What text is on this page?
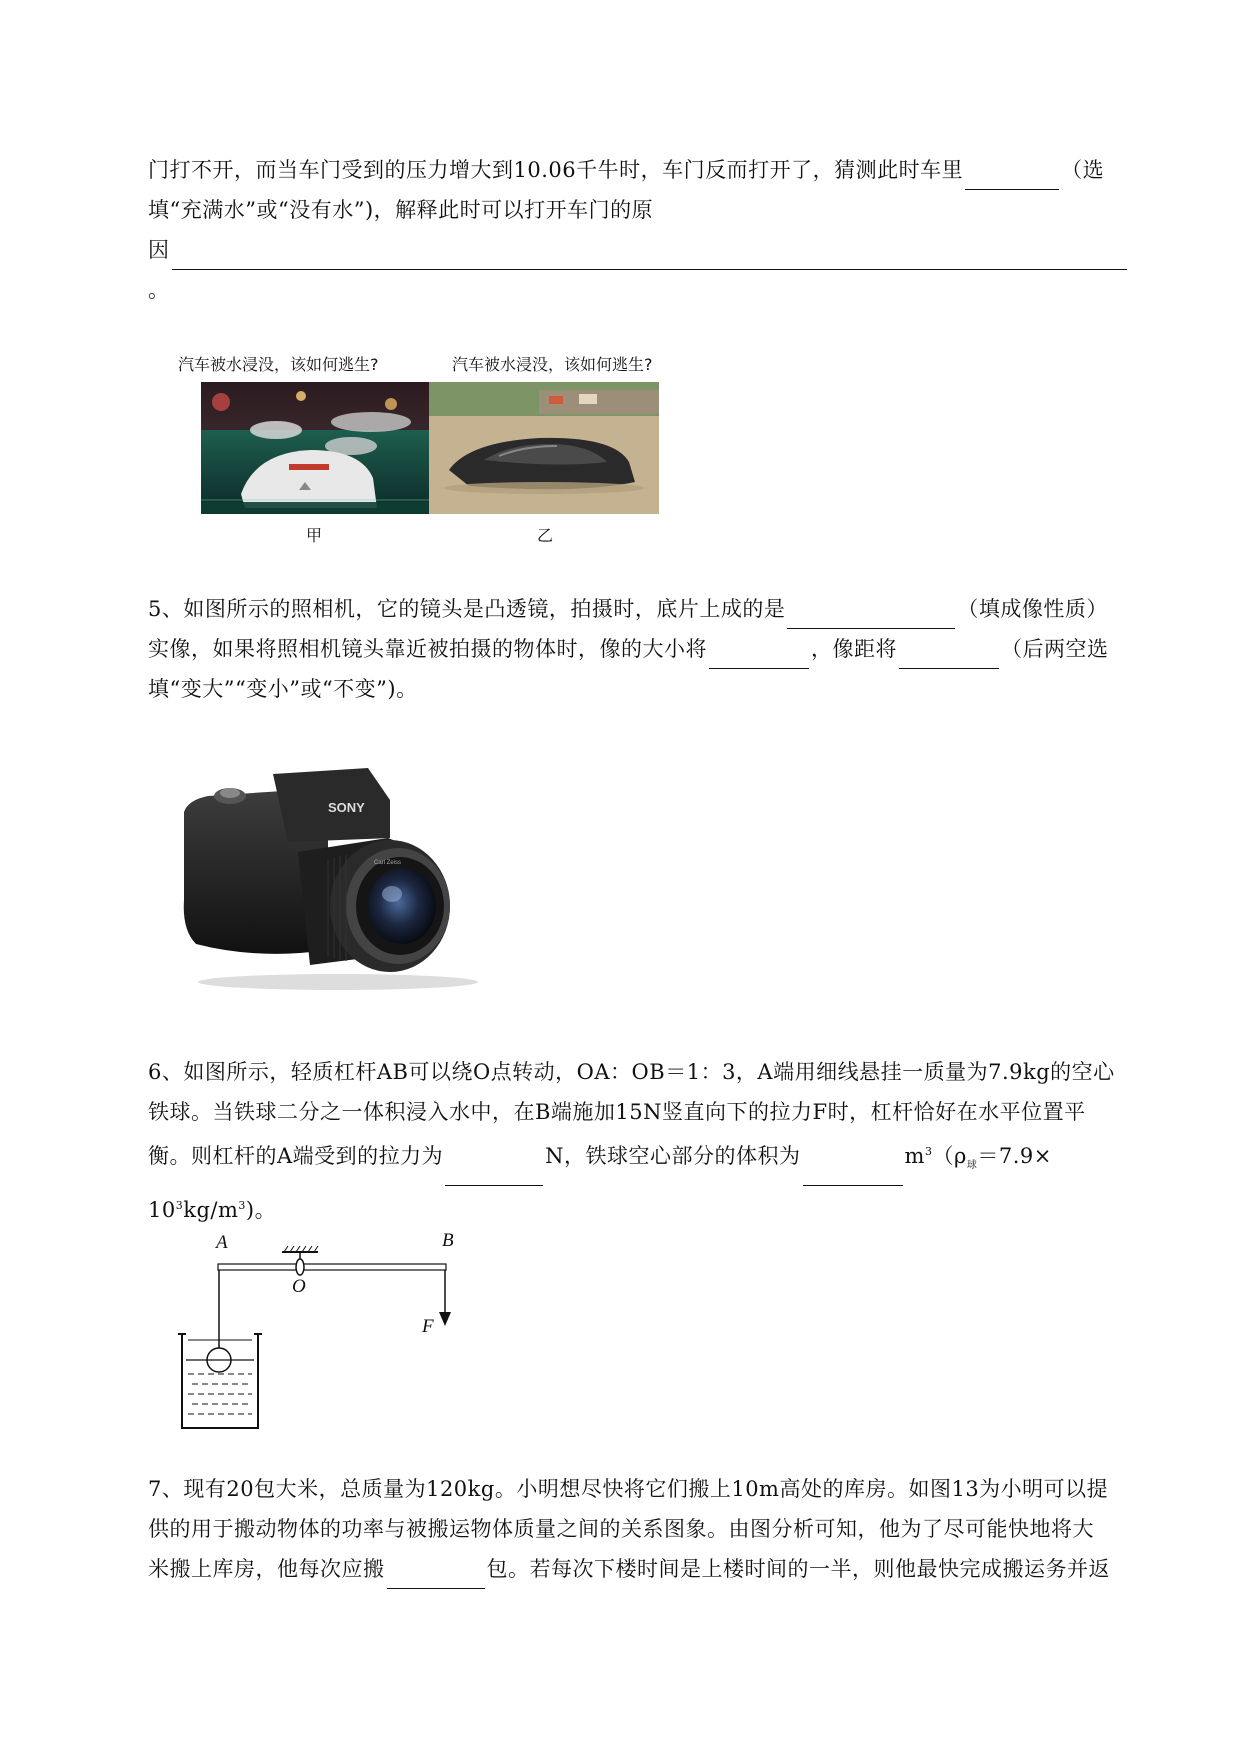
门打不开，而当车门受到的压力增大到10.06千牛时，车门反而打开了，猜测此时车里	（选
填“充满水”或“没有水”)，解释此时可以打开车门的原
因
。
汽车被水浸没，该如何逃生?	汽车被水浸没，该如何逃生?
甲	乙
5、如图所示的照相机，它的镜头是凸透镜，拍摄时，底片上成的是	（填成像性质）
实像，如果将照相机镜头靠近被拍摄的物体时，像的大小将	，像距将	（后两空选
填“变大”“变小”或“不变”)。
SONY
Carl Zeiss
6、如图所示，轻质杠杆AB可以绕O点转动，OA：OB＝1：3，A端用细线悬挂一质量为7.9kg的空心
铁球。当铁球二分之一体积浸入水中，在B端施加15N竖直向下的拉力F时，杠杆恰好在水平位置平
衡。则杠杆的A端受到的拉力为	N，铁球空心部分的体积为	$m^3(\rho_球=7.9\times$
$10^3kg/m^3$)。
A	B
O
F
7、现有20包大米，总质量为120kg。小明想尽快将它们搬上10m高处的库房。如图13为小明可以提
供的用于搬动物体的功率与被搬运物体质量之间的关系图象。由图分析可知，他为了尽可能快地将大
米搬上库房，他每次应搬	包。若每次下楼时间是上楼时间的一半，则他最快完成搬运务并返
